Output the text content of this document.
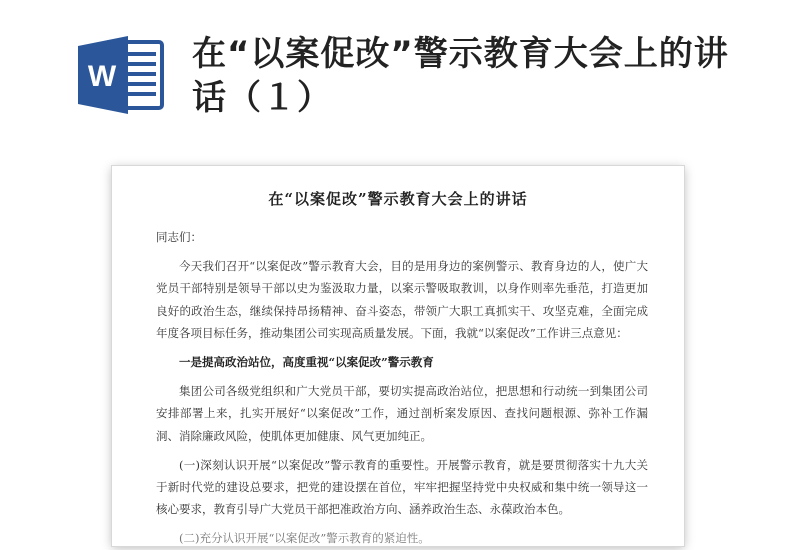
W
在“以案促改”警示教育大会上的讲话（１）
在“以案促改”警示教育大会上的讲话

同志们：

今天我们召开“以案促改”警示教育大会，目的是用身边的案例警示、教育身边的人，使广大党员干部特别是领导干部以史为鉴汲取力量，以案示警吸取教训，以身作则率先垂范，打造更加良好的政治生态，继续保持昂扬精神、奋斗姿态，带领广大职工真抓实干、攻坚克难，全面完成年度各项目标任务，推动集团公司实现高质量发展。下面，我就“以案促改”工作讲三点意见：

一是提高政治站位，高度重视“以案促改”警示教育

集团公司各级党组织和广大党员干部，要切实提高政治站位，把思想和行动统一到集团公司安排部署上来，扎实开展好“以案促改”工作，通过剖析案发原因、查找问题根源、弥补工作漏洞、消除廉政风险，使肌体更加健康、风气更加纯正。

(一)深刻认识开展“以案促改”警示教育的重要性。开展警示教育，就是要贯彻落实十九大关于新时代党的建设总要求，把党的建设摆在首位，牢牢把握坚持党中央权威和集中统一领导这一核心要求，教育引导广大党员干部把准政治方向、涵养政治生态、永葆政治本色。

(二)充分认识开展“以案促改”警示教育的紧迫性。
